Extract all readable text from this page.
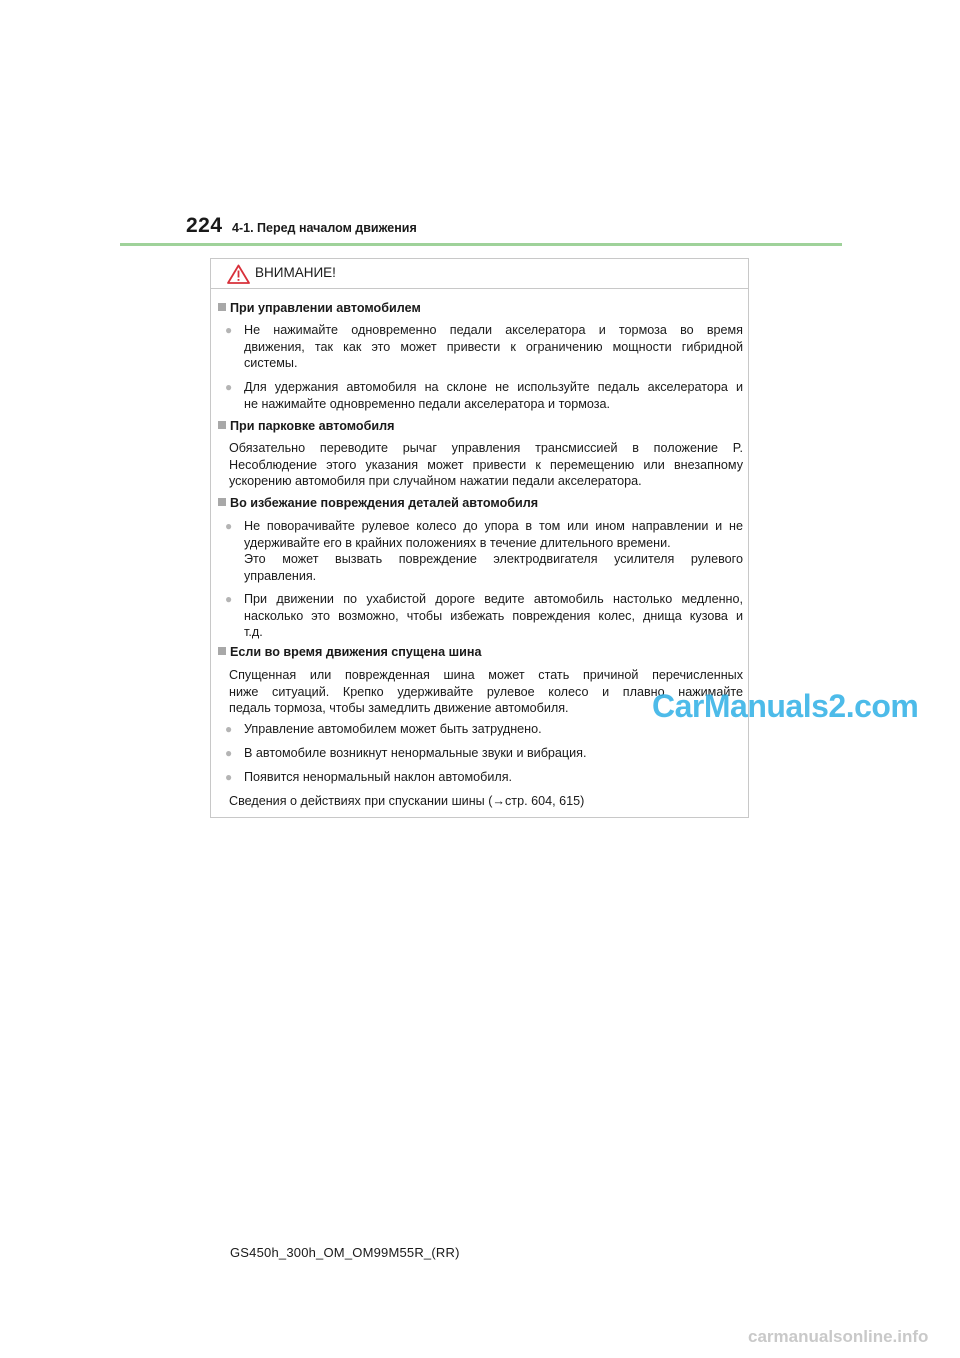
224 4-1. Перед началом движения
ВНИМАНИЕ!
При управлении автомобилем
● Не нажимайте одновременно педали акселератора и тормоза во время
движения, так как это может привести к ограничению мощности гибридной
системы.
● Для удержания автомобиля на склоне не используйте педаль акселератора и
не нажимайте одновременно педали акселератора и тормоза.
При парковке автомобиля
Обязательно переводите рычаг управления трансмиссией в положение P.
Несоблюдение этого указания может привести к перемещению или внезапному
ускорению автомобиля при случайном нажатии педали акселератора.
Во избежание повреждения деталей автомобиля
● Не поворачивайте рулевое колесо до упора в том или ином направлении и не
удерживайте его в крайних положениях в течение длительного времени.
Это может вызвать повреждение электродвигателя усилителя рулевого
управления.
● При движении по ухабистой дороге ведите автомобиль настолько медленно,
насколько это возможно, чтобы избежать повреждения колес, днища кузова и
т.д.
Если во время движения спущена шина
Спущенная или поврежденная шина может стать причиной перечисленных
ниже ситуаций. Крепко удерживайте рулевое колесо и плавно нажимайте
педаль тормоза, чтобы замедлить движение автомобиля.
● Управление автомобилем может быть затруднено.
● В автомобиле возникнут ненормальные звуки и вибрация.
● Появится ненормальный наклон автомобиля.
Сведения о действиях при спускании шины (→стр. 604, 615)
CarManuals2.com
GS450h_300h_OM_OM99M55R_(RR)
carmanualsonline.info
